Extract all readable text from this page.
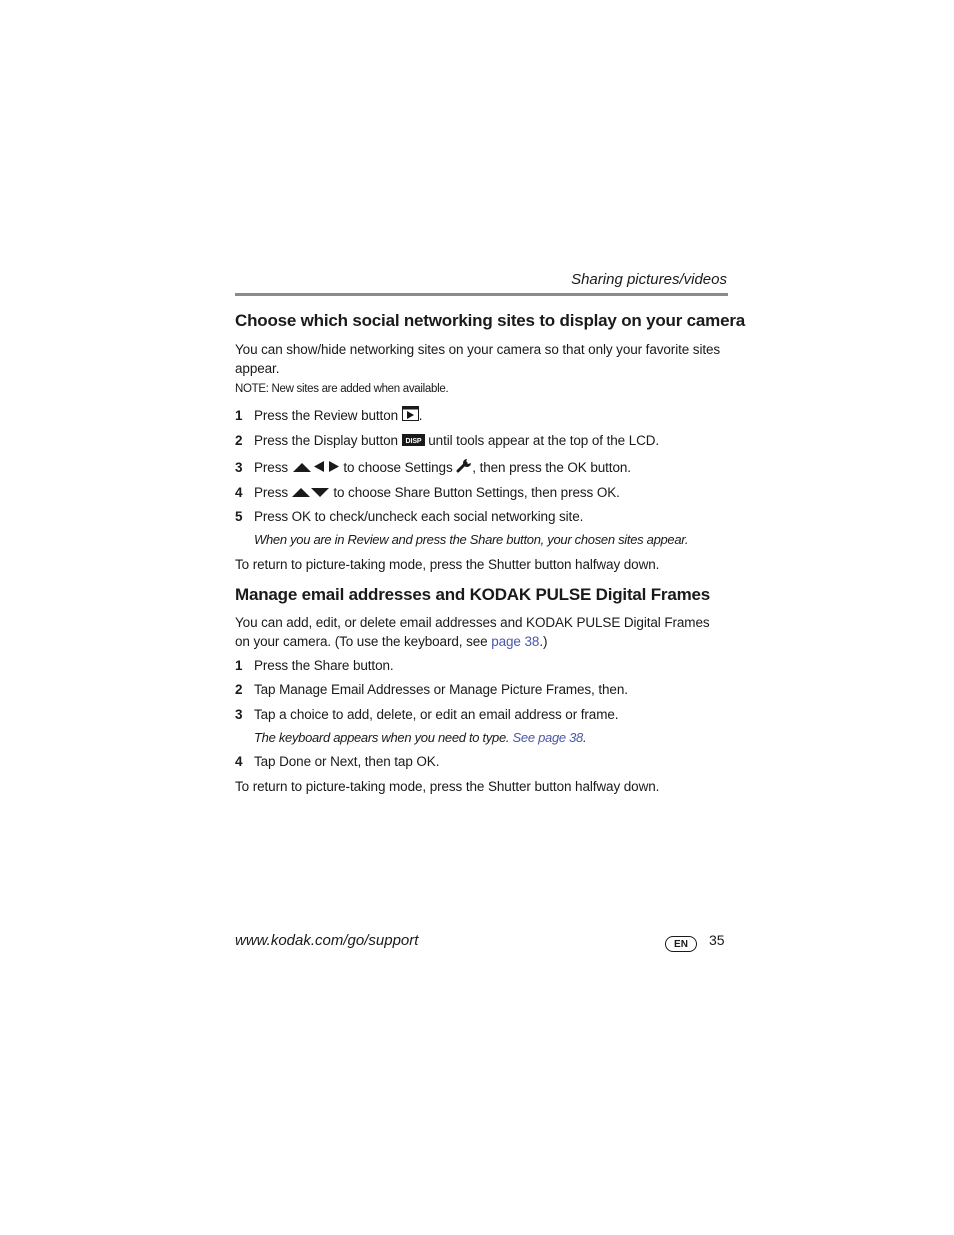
Sharing pictures/videos
Choose which social networking sites to display on your camera
You can show/hide networking sites on your camera so that only your favorite sites appear.
NOTE: New sites are added when available.
1 Press the Review button .
2 Press the Display button DISP until tools appear at the top of the LCD.
3 Press	to choose Settings , then press the OK button.
4 Press	to choose Share Button Settings, then press OK.
5 Press OK to check/uncheck each social networking site.
When you are in Review and press the Share button, your chosen sites appear.
To return to picture-taking mode, press the Shutter button halfway down.
Manage email addresses and KODAK PULSE Digital Frames
You can add, edit, or delete email addresses and KODAK PULSE Digital Frames on your camera. (To use the keyboard, see page 38.)
1 Press the Share button.
2 Tap Manage Email Addresses or Manage Picture Frames, then.
3 Tap a choice to add, delete, or edit an email address or frame.
The keyboard appears when you need to type. See page 38.
4 Tap Done or Next, then tap OK.
To return to picture-taking mode, press the Shutter button halfway down.
www.kodak.com/go/support	EN	35
